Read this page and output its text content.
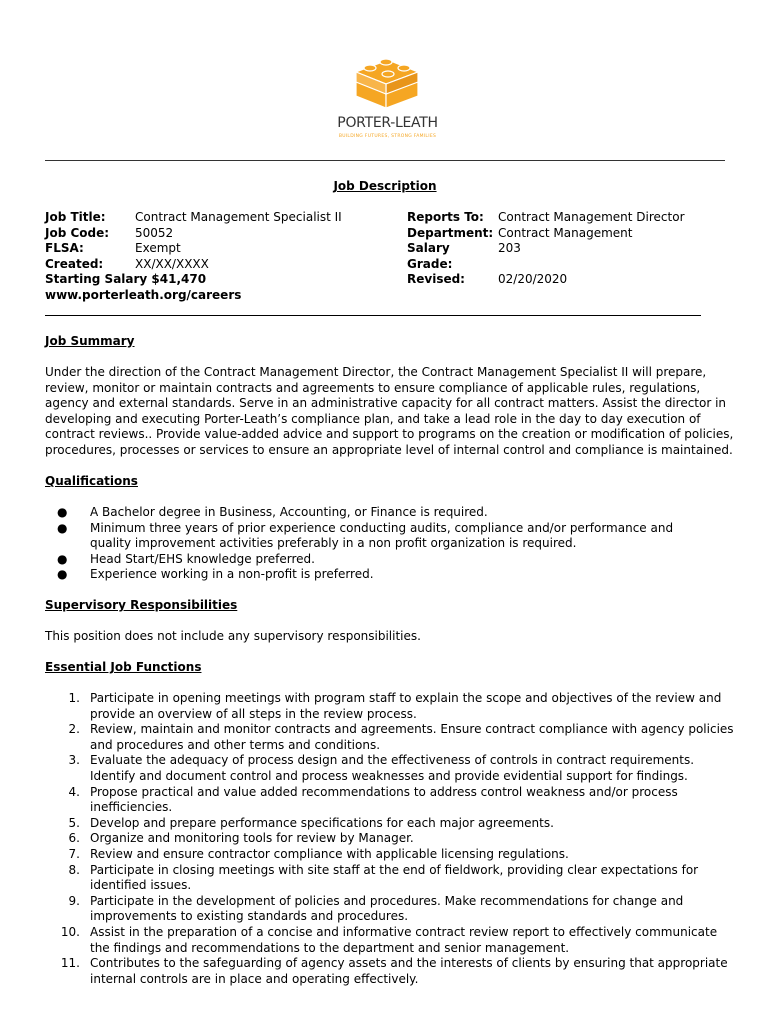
PORTER-LEATH
BUILDING FUTURES, STRONG FAMILIES
Job Description
Job Title:	Contract Management Specialist II
Job Code:	50052
FLSA:	Exempt
Created:	XX/XX/XXXX
Reports To:	Contract Management Director
Department: Contract Management
Salary Grade:
203
Revised:	02/20/2020
Starting Salary $41,470
www.porterleath.org/careers
Job Summary
Under the direction of the Contract Management Director, the Contract Management Specialist II will prepare, review, monitor or maintain contracts and agreements to ensure compliance of applicable rules, regulations, agency and external standards. Serve in an administrative capacity for all contract matters. Assist the director in developing and executing Porter-Leath’s compliance plan, and take a lead role in the day to day execution of contract reviews.. Provide value-added advice and support to programs on the creation or modification of policies, procedures, processes or services to ensure an appropriate level of internal control and compliance is maintained.
Qualifications
● A Bachelor degree in Business, Accounting, or Finance is required.
● Minimum three years of prior experience conducting audits, compliance and/or performance and quality improvement activities preferably in a non profit organization is required.
● Head Start/EHS knowledge preferred.
● Experience working in a non-profit is preferred.
Supervisory Responsibilities
This position does not include any supervisory responsibilities.
Essential Job Functions
1. Participate in opening meetings with program staff to explain the scope and objectives of the review and provide an overview of all steps in the review process.
2. Review, maintain and monitor contracts and agreements. Ensure contract compliance with agency policies and procedures and other terms and conditions.
3. Evaluate the adequacy of process design and the effectiveness of controls in contract requirements. Identify and document control and process weaknesses and provide evidential support for findings.
4. Propose practical and value added recommendations to address control weakness and/or process inefficiencies.
5. Develop and prepare performance specifications for each major agreements.
6. Organize and monitoring tools for review by Manager.
7. Review and ensure contractor compliance with applicable licensing regulations.
8. Participate in closing meetings with site staff at the end of fieldwork, providing clear expectations for identified issues.
9. Participate in the development of policies and procedures. Make recommendations for change and improvements to existing standards and procedures.
10. Assist in the preparation of a concise and informative contract review report to effectively communicate the findings and recommendations to the department and senior management.
11. Contributes to the safeguarding of agency assets and the interests of clients by ensuring that appropriate internal controls are in place and operating effectively.
